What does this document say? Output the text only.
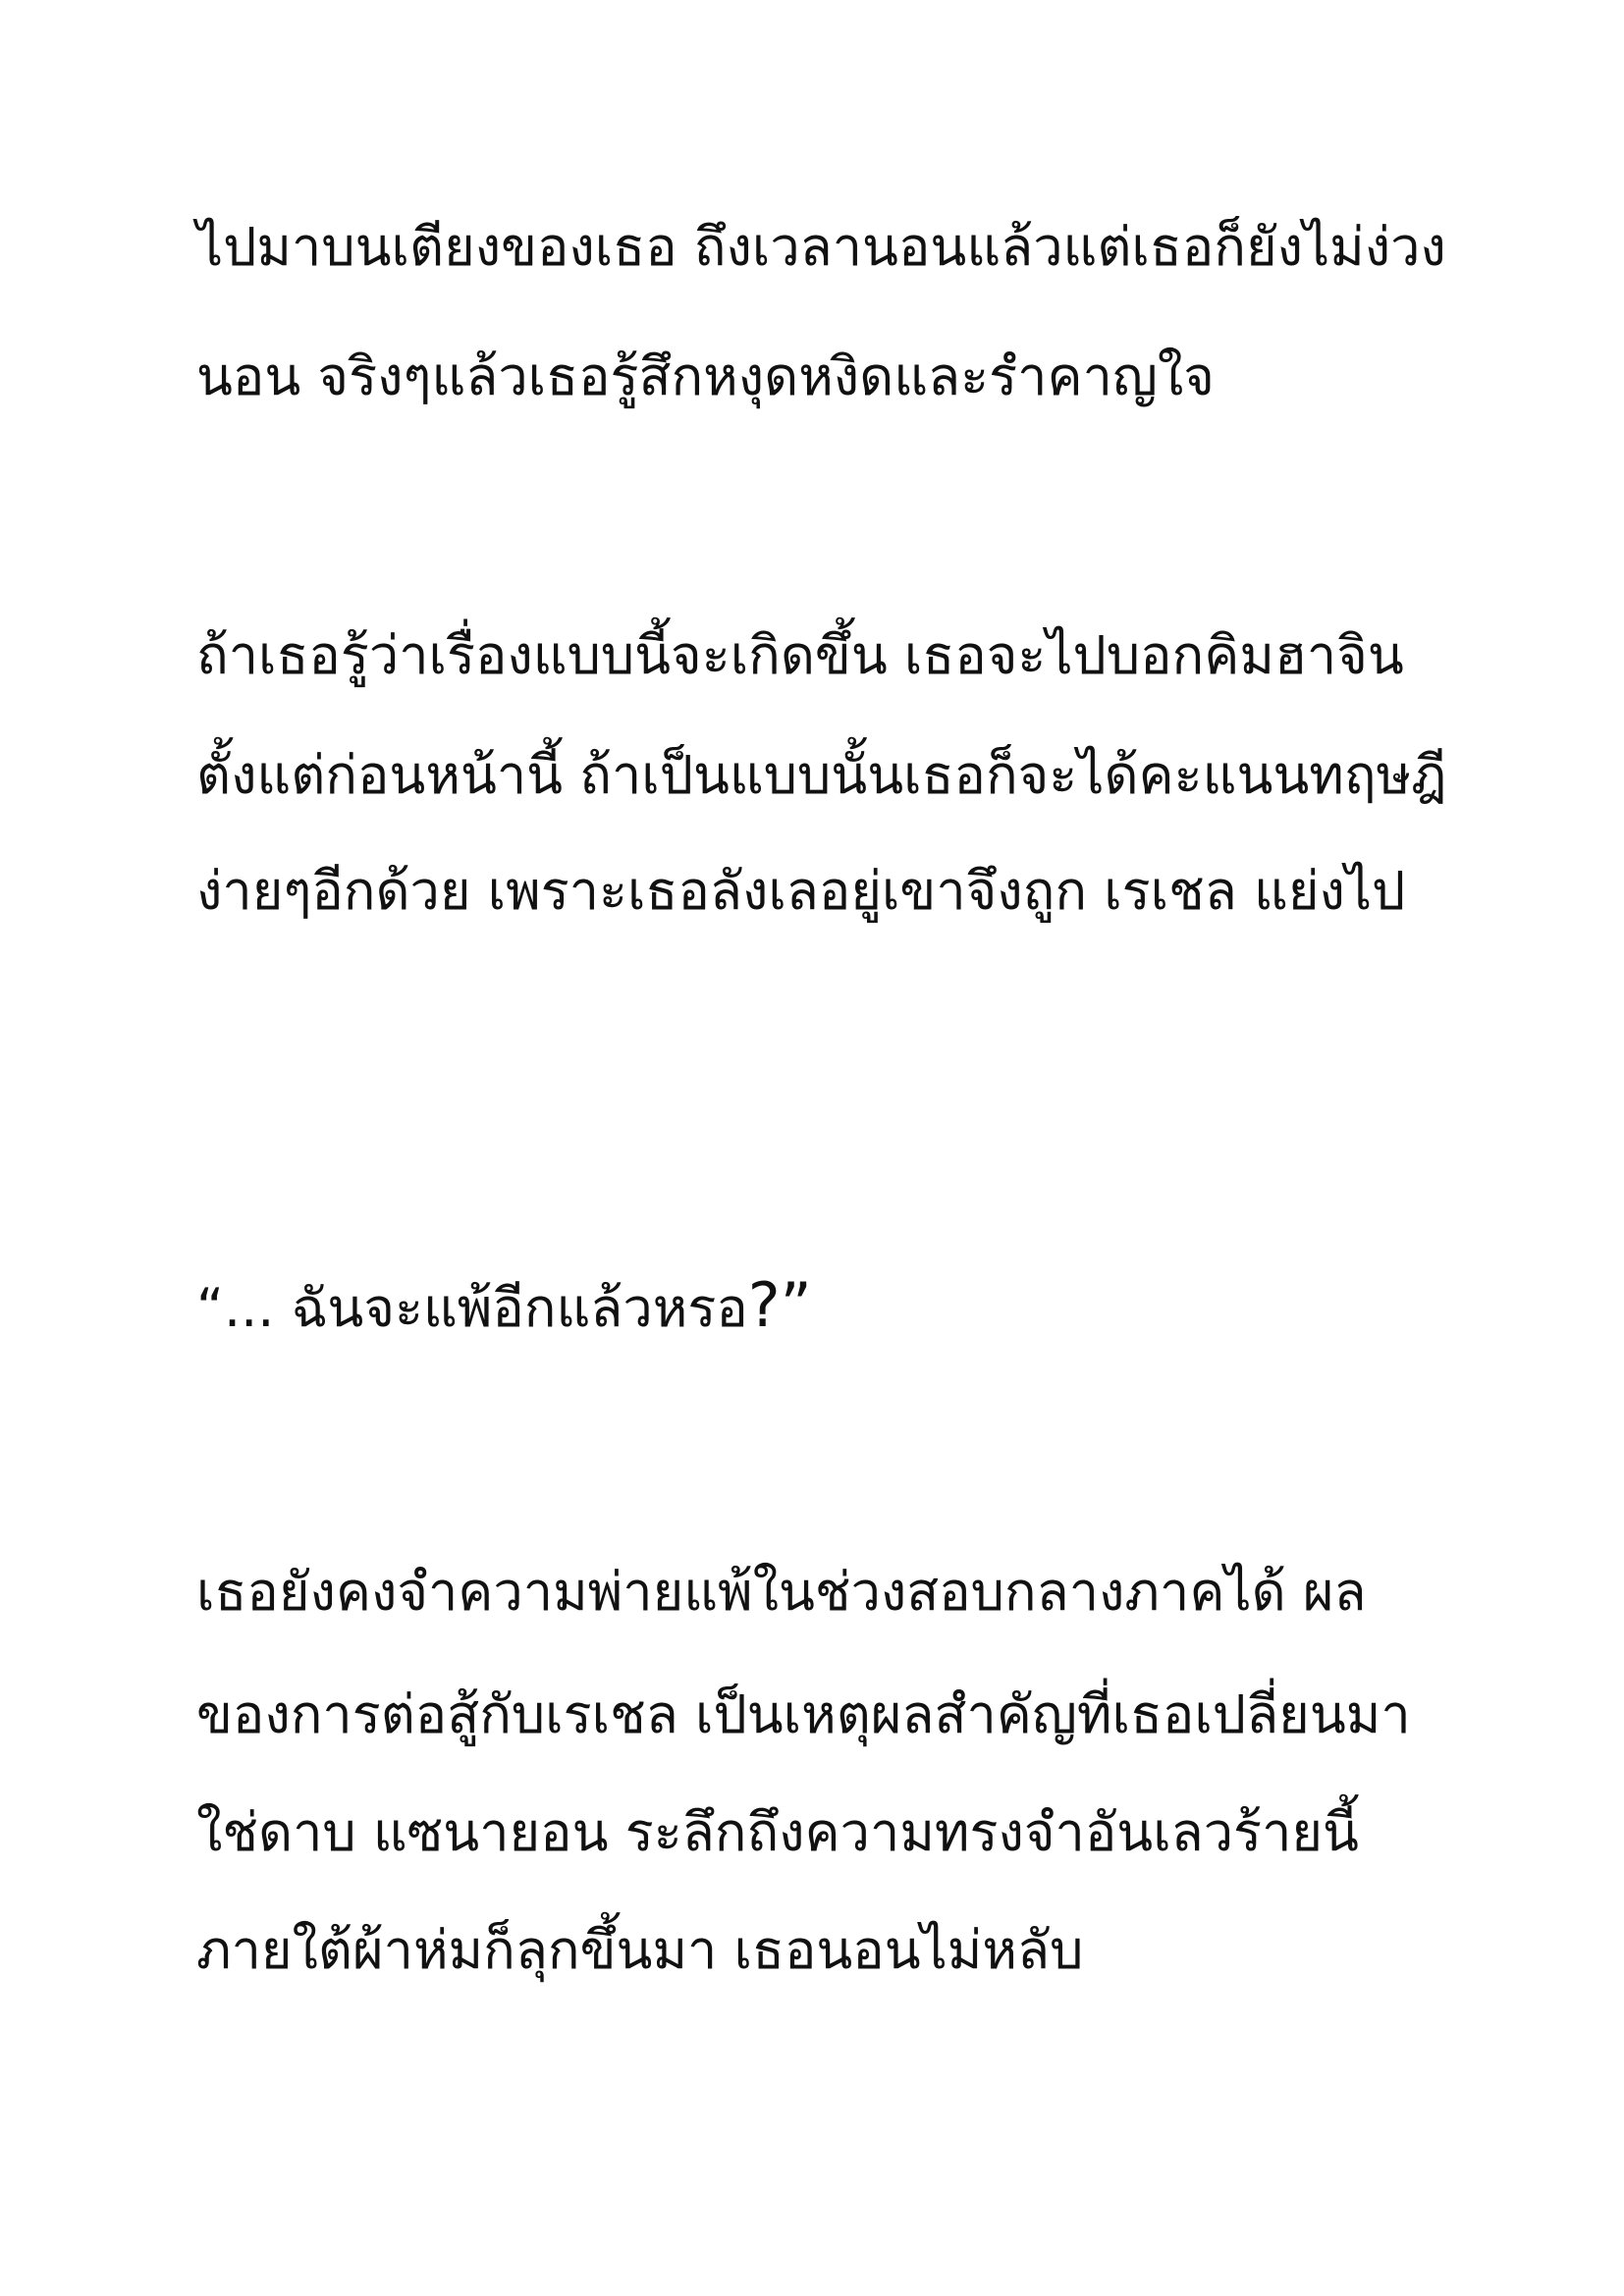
ไปมาบนเตียงของเธอ ถึงเวลานอนแล้วแต่เธอก็ยังไม่ง่วง

นอน จริงๆแล้วเธอรู้สึกหงุดหงิดและรำคาญใจ

ถ้าเธอรู้ว่าเรื่องแบบนี้จะเกิดขึ้น เธอจะไปบอกคิมฮาจิน

ตั้งแต่ก่อนหน้านี้ ถ้าเป็นแบบนั้นเธอก็จะได้คะแนนทฤษฎี

ง่ายๆอีกด้วย เพราะเธอลังเลอยู่เขาจึงถูก เรเชล แย่งไป

“... ฉันจะแพ้อีกแล้วหรอ?”

เธอยังคงจำความพ่ายแพ้ในช่วงสอบกลางภาคได้ ผล

ของการต่อสู้กับเรเชล เป็นเหตุผลสำคัญที่เธอเปลี่ยนมา

ใช่ดาบ แซนายอน ระลึกถึงความทรงจำอันเลวร้ายนี้

ภายใต้ผ้าห่มก็ลุกขึ้นมา เธอนอนไม่หลับ
